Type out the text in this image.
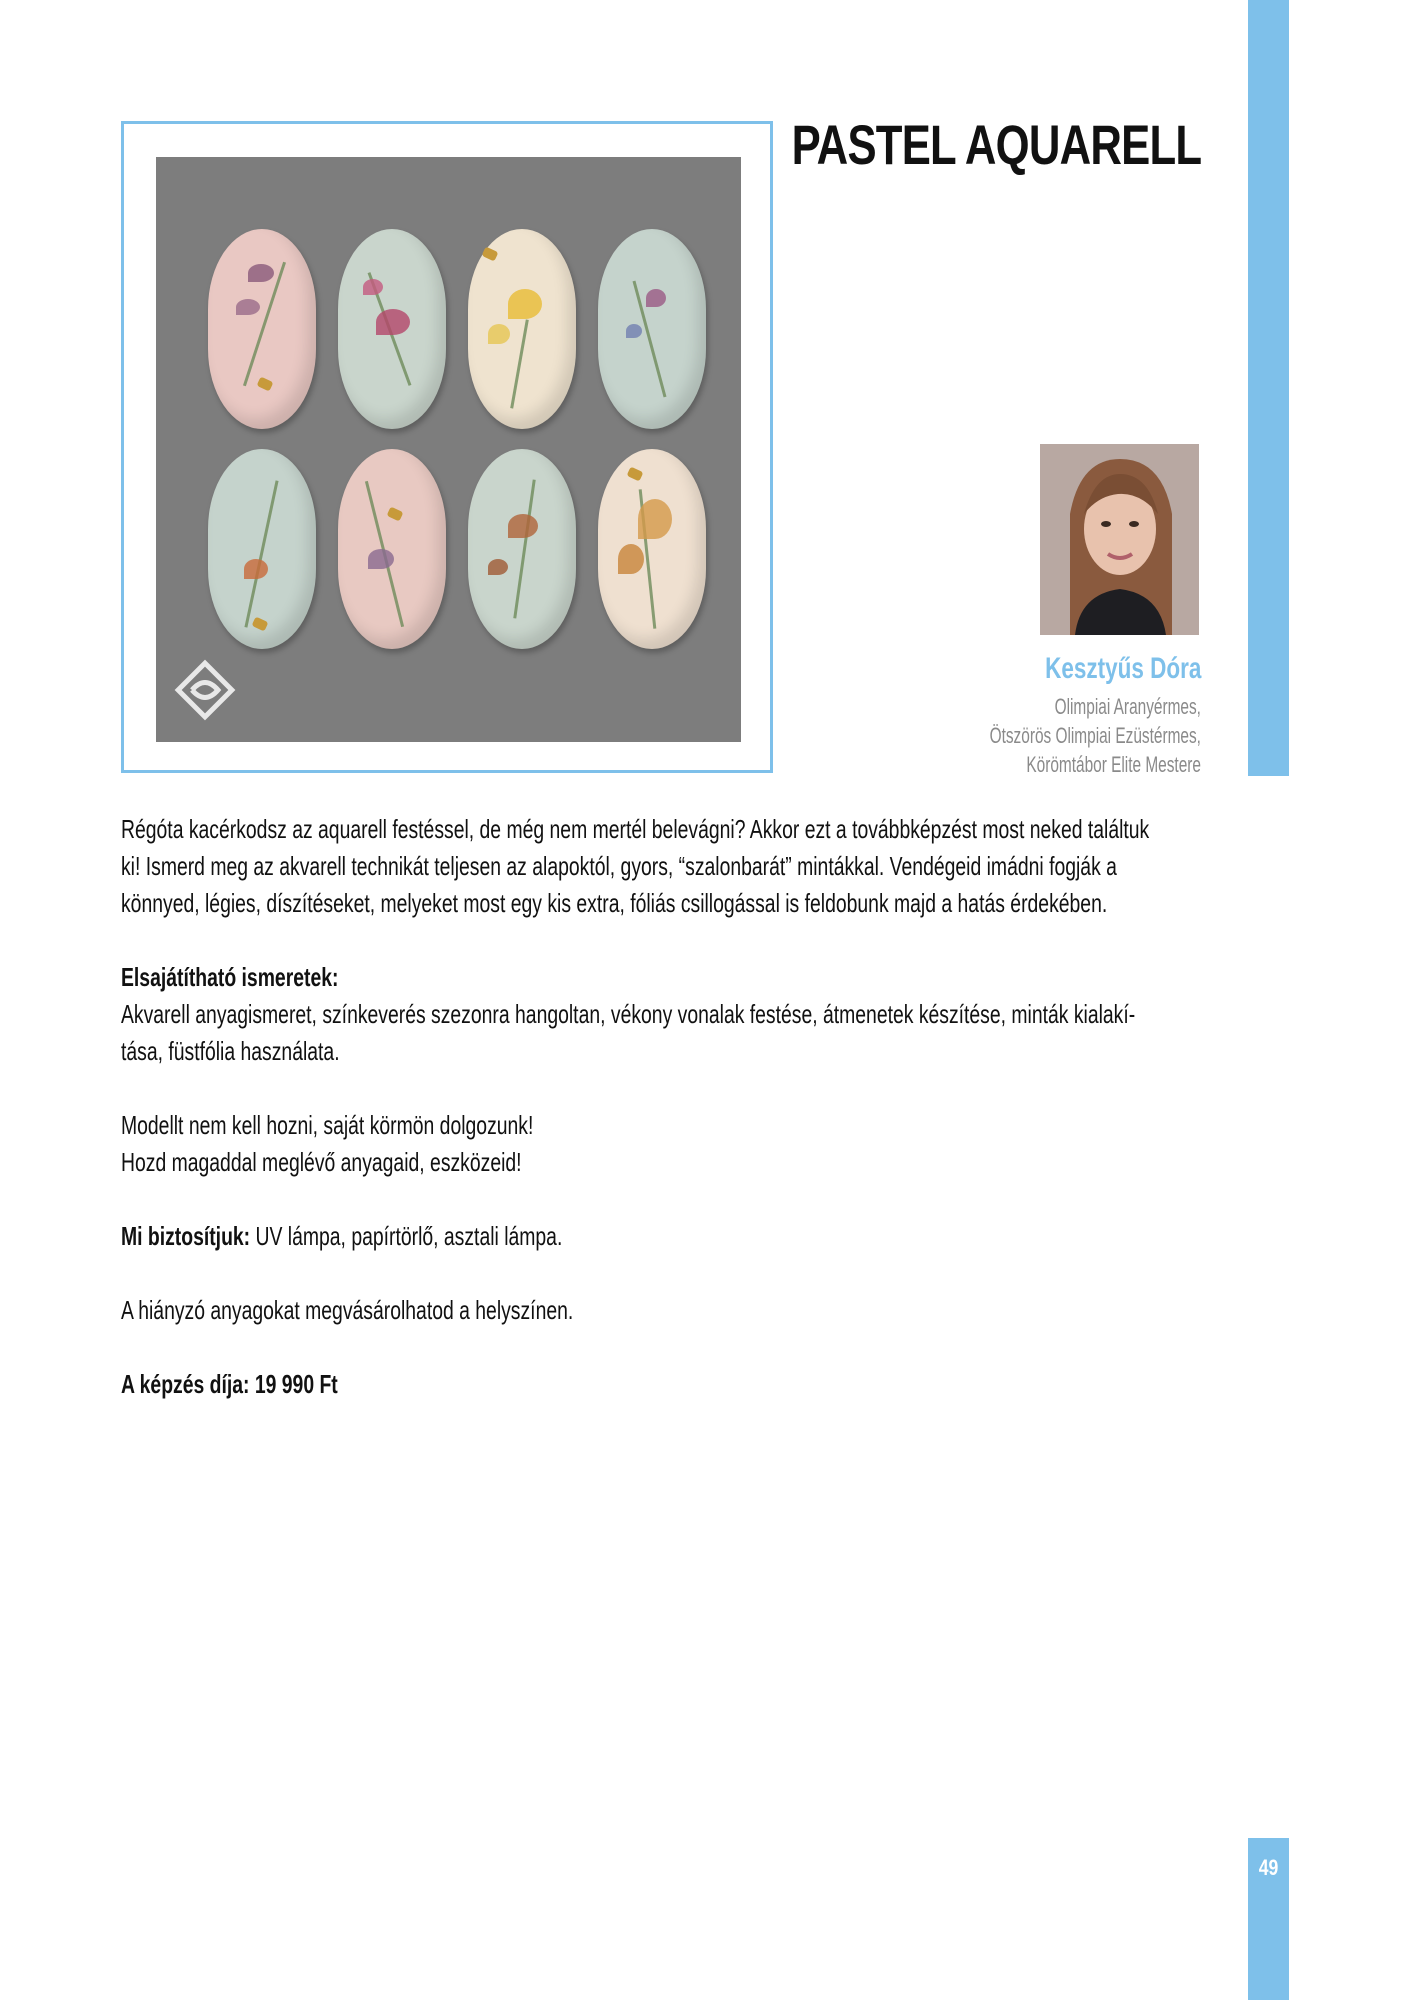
49
PASTEL AQUARELL
Kesztyűs Dóra
Olimpiai Aranyérmes,
Ötszörös Olimpiai Ezüstérmes,
Körömtábor Elite Mestere
Régóta kacérkodsz az aquarell festéssel, de még nem mertél belevágni? Akkor ezt a továbbképzést most neked találtuk
ki! Ismerd meg az akvarell technikát teljesen az alapoktól, gyors, “szalonbarát” mintákkal. Vendégeid imádni fogják a
könnyed, légies, díszítéseket, melyeket most egy kis extra, fóliás csillogással is feldobunk majd a hatás érdekében.
Elsajátítható ismeretek:
Akvarell anyagismeret, színkeverés szezonra hangoltan, vékony vonalak festése, átmenetek készítése, minták kialakí-
tása, füstfólia használata.
Modellt nem kell hozni, saját körmön dolgozunk!
Hozd magaddal meglévő anyagaid, eszközeid!
Mi biztosítjuk: UV lámpa, papírtörlő, asztali lámpa.
A hiányzó anyagokat megvásárolhatod a helyszínen.
A képzés díja: 19 990 Ft
